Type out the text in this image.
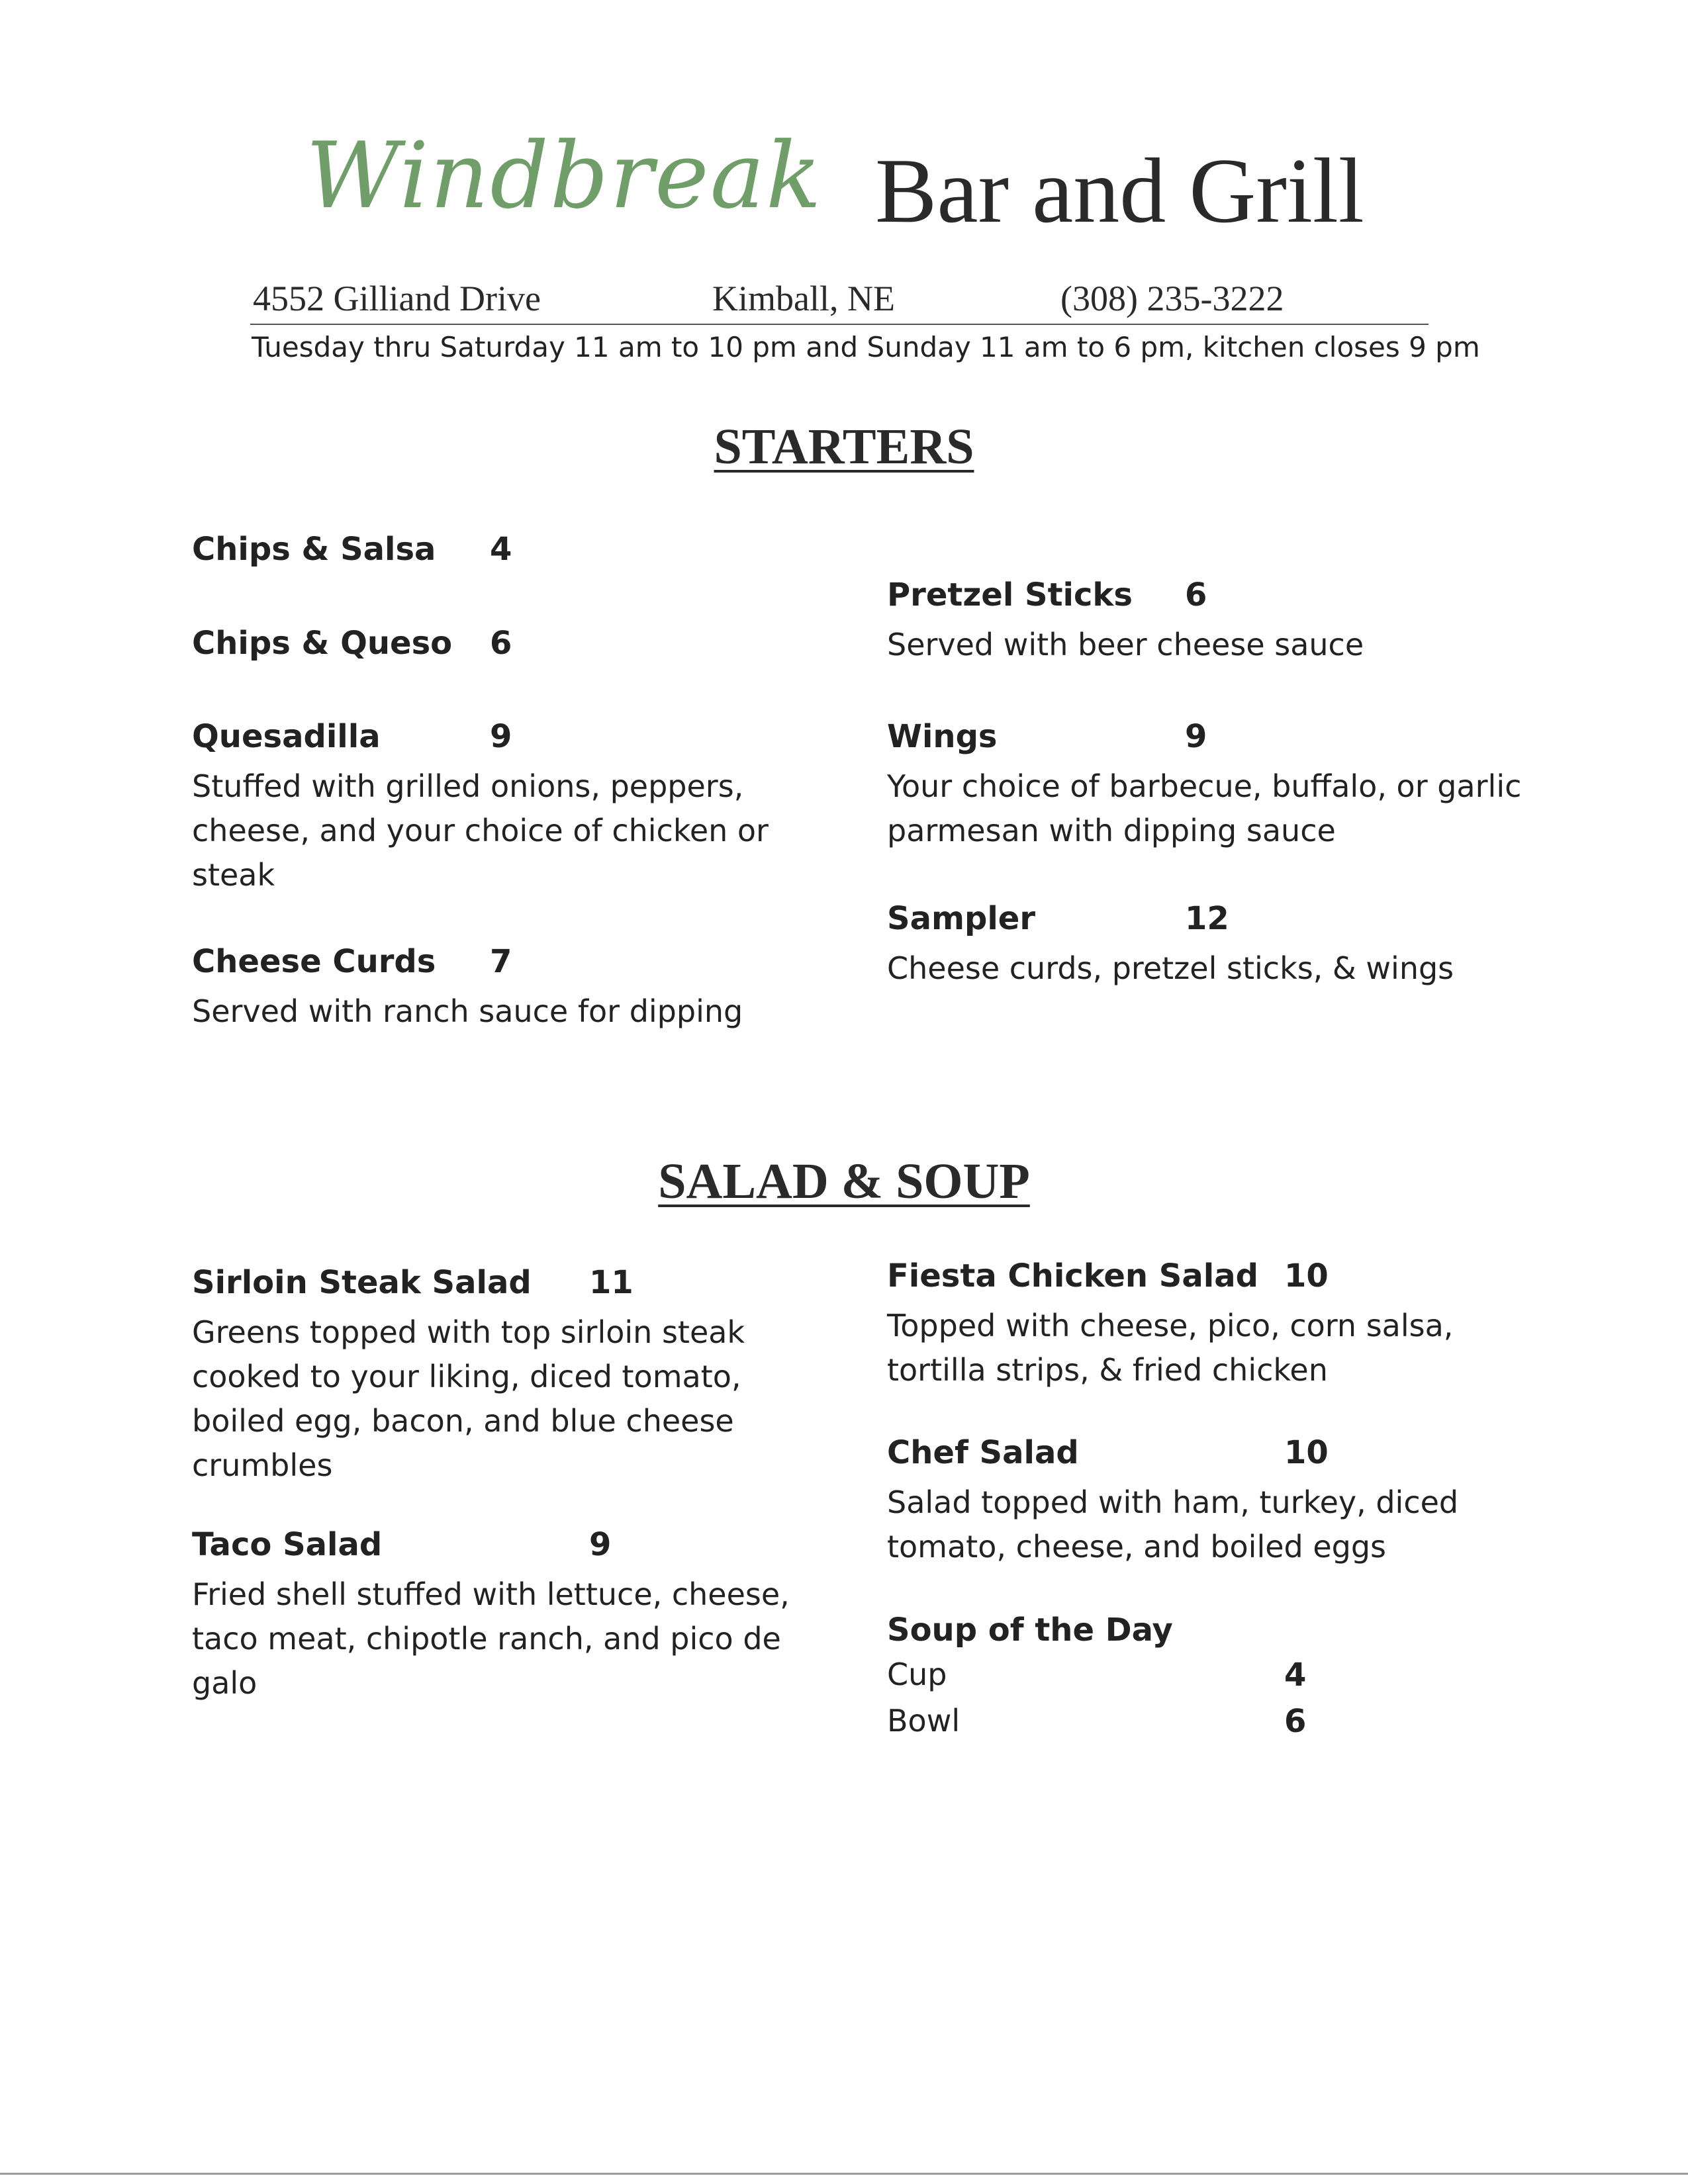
Windbreak Bar and Grill
4552 Gilliand Drive	Kimball, NE	(308) 235-3222
Tuesday thru Saturday 11 am to 10 pm and Sunday 11 am to 6 pm, kitchen closes 9 pm
STARTERS
Chips & Salsa 4
Chips & Queso 6
Quesadilla	9
Stuffed with grilled onions, peppers, cheese, and your choice of chicken or steak
Cheese Curds 7
Served with ranch sauce for dipping
Pretzel Sticks 6
Served with beer cheese sauce
Wings	9
Your choice of barbecue, buffalo, or garlic parmesan with dipping sauce
Sampler	12
Cheese curds, pretzel sticks, & wings
SALAD & SOUP
Sirloin Steak Salad 11
Greens topped with top sirloin steak cooked to your liking, diced tomato, boiled egg, bacon, and blue cheese crumbles
Taco Salad	9
Fried shell stuffed with lettuce, cheese, taco meat, chipotle ranch, and pico de galo
Fiesta Chicken Salad 10
Topped with cheese, pico, corn salsa, tortilla strips, & fried chicken
Chef Salad	10
Salad topped with ham, turkey, diced tomato, cheese, and boiled eggs
Soup of the Day
Cup	4
Bowl	6
